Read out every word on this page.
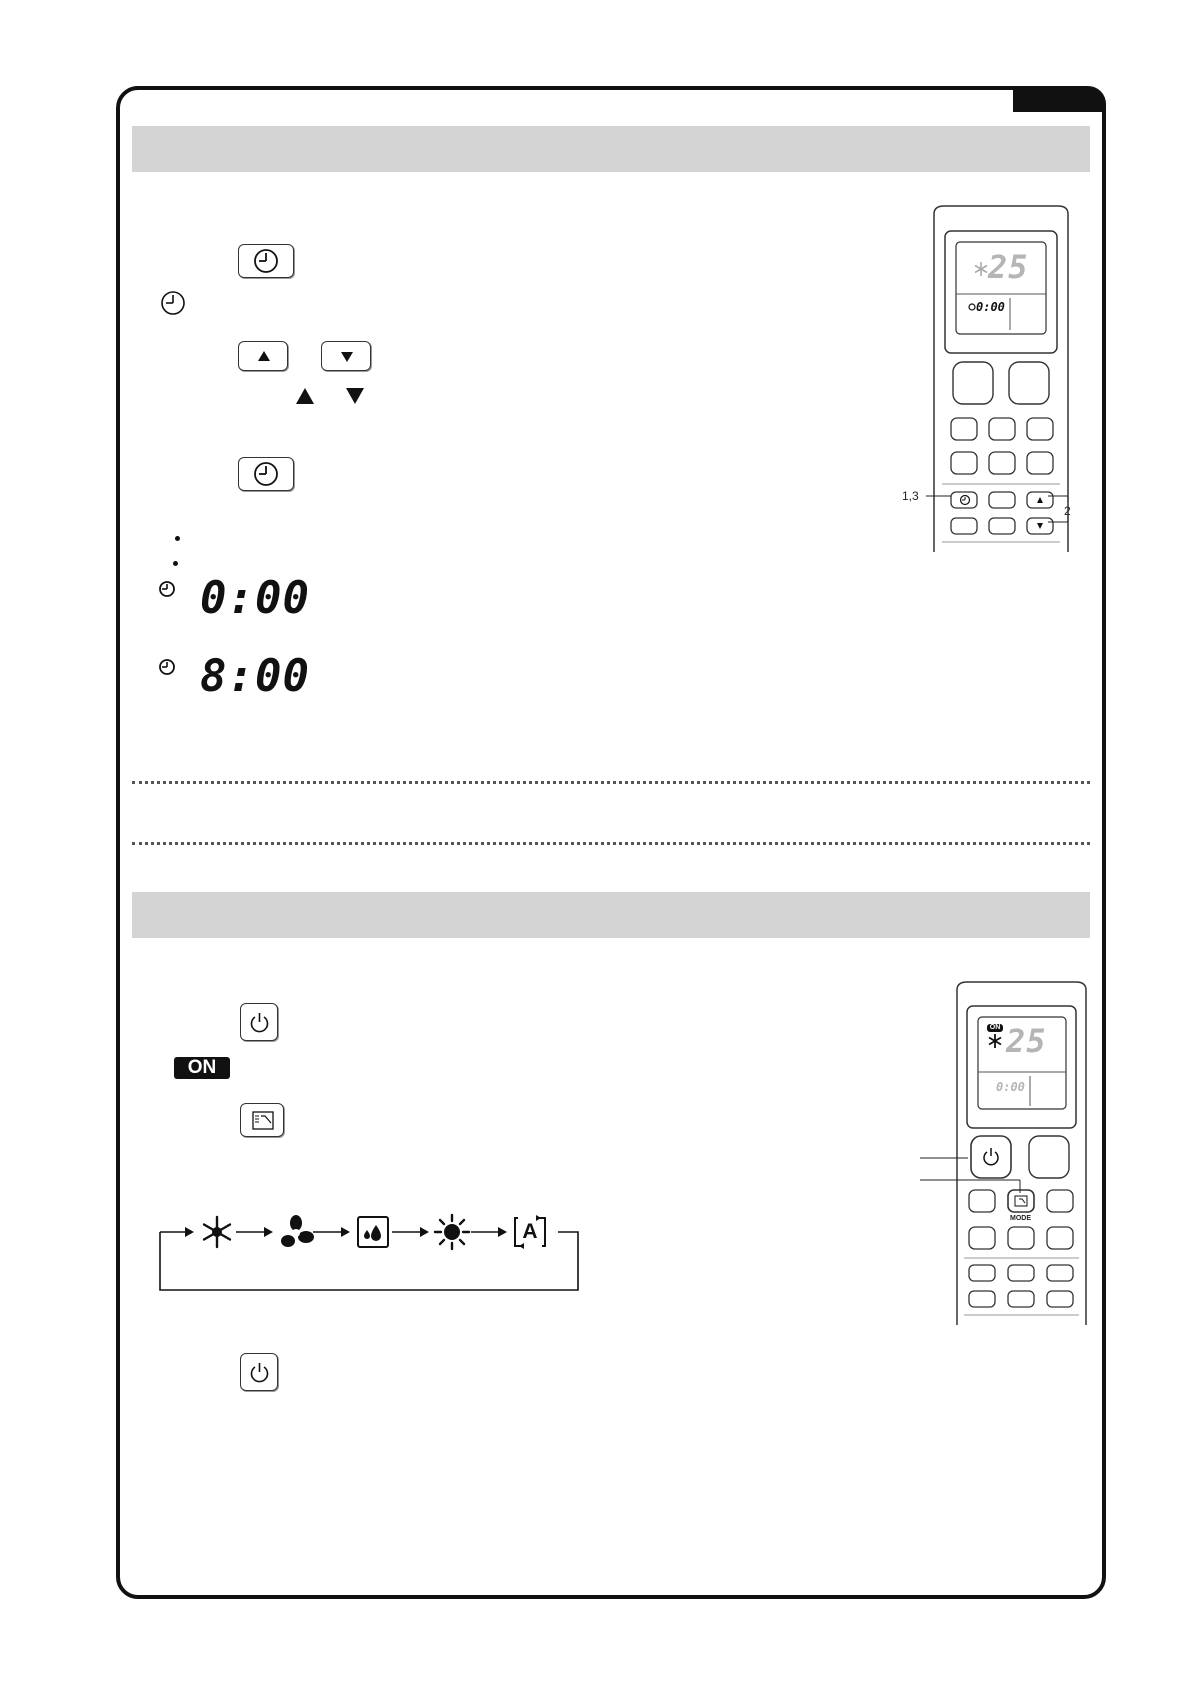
0:00
8:00
25
0:00
1,3
2
ON
A
ON 25
0:00
MODE
